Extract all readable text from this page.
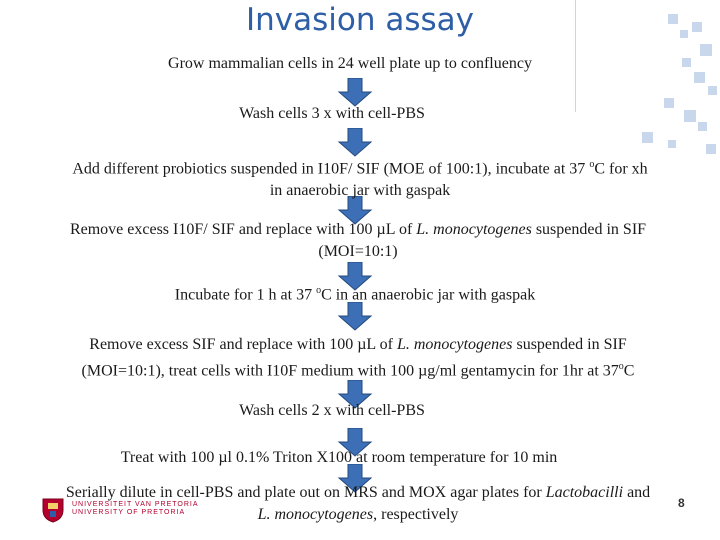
Invasion assay
Grow mammalian cells in 24 well plate up to confluency
Wash cells 3 x with cell-PBS
Add different probiotics suspended in I10F/ SIF (MOE of 100:1), incubate at 37 $^o$C for xh
in anaerobic jar with gaspak
Remove excess I10F/ SIF and replace with 100 µL of L. monocytogenes suspended in SIF
(MOI=10:1)
Incubate for 1 h at 37 $^o$C in an anaerobic jar with gaspak
Remove excess SIF and replace with 100 µL of L. monocytogenes suspended in SIF
(MOI=10:1), treat cells with I10F medium with 100 µg/ml gentamycin for 1hr at 37$^o$C
Wash cells 2 x with cell-PBS
Treat with 100 µl 0.1% Triton X100 at room temperature for 10 min
Serially dilute in cell-PBS and plate out on MRS and MOX agar plates for Lactobacilli and
L. monocytogenes, respectively
UNIVERSITEIT VAN PRETORIA
UNIVERSITY OF PRETORIA
8
